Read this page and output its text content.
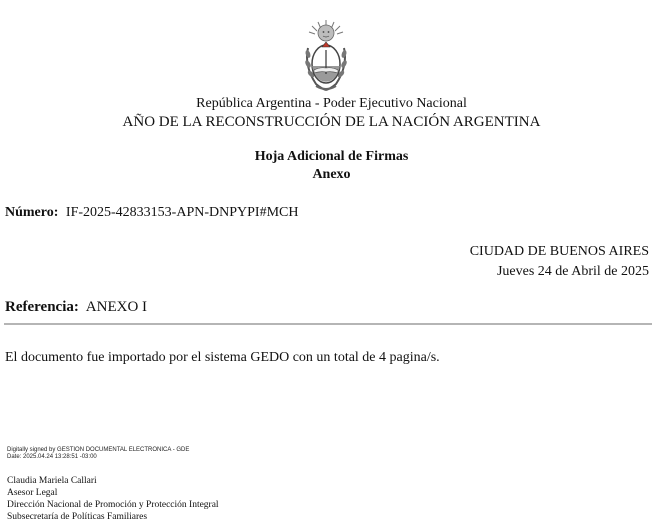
República Argentina - Poder Ejecutivo Nacional
AÑO DE LA RECONSTRUCCIÓN DE LA NACIÓN ARGENTINA
Hoja Adicional de Firmas
Anexo
Número: IF-2025-42833153-APN-DNPYPI#MCH
CIUDAD DE BUENOS AIRES
Jueves 24 de Abril de 2025
Referencia: ANEXO I
El documento fue importado por el sistema GEDO con un total de 4 pagina/s.
Digitally signed by GESTION DOCUMENTAL ELECTRONICA - GDE
Date: 2025.04.24 13:28:51 -03:00
Claudia Mariela Callari
Asesor Legal
Dirección Nacional de Promoción y Protección Integral
Subsecretaría de Políticas Familiares
